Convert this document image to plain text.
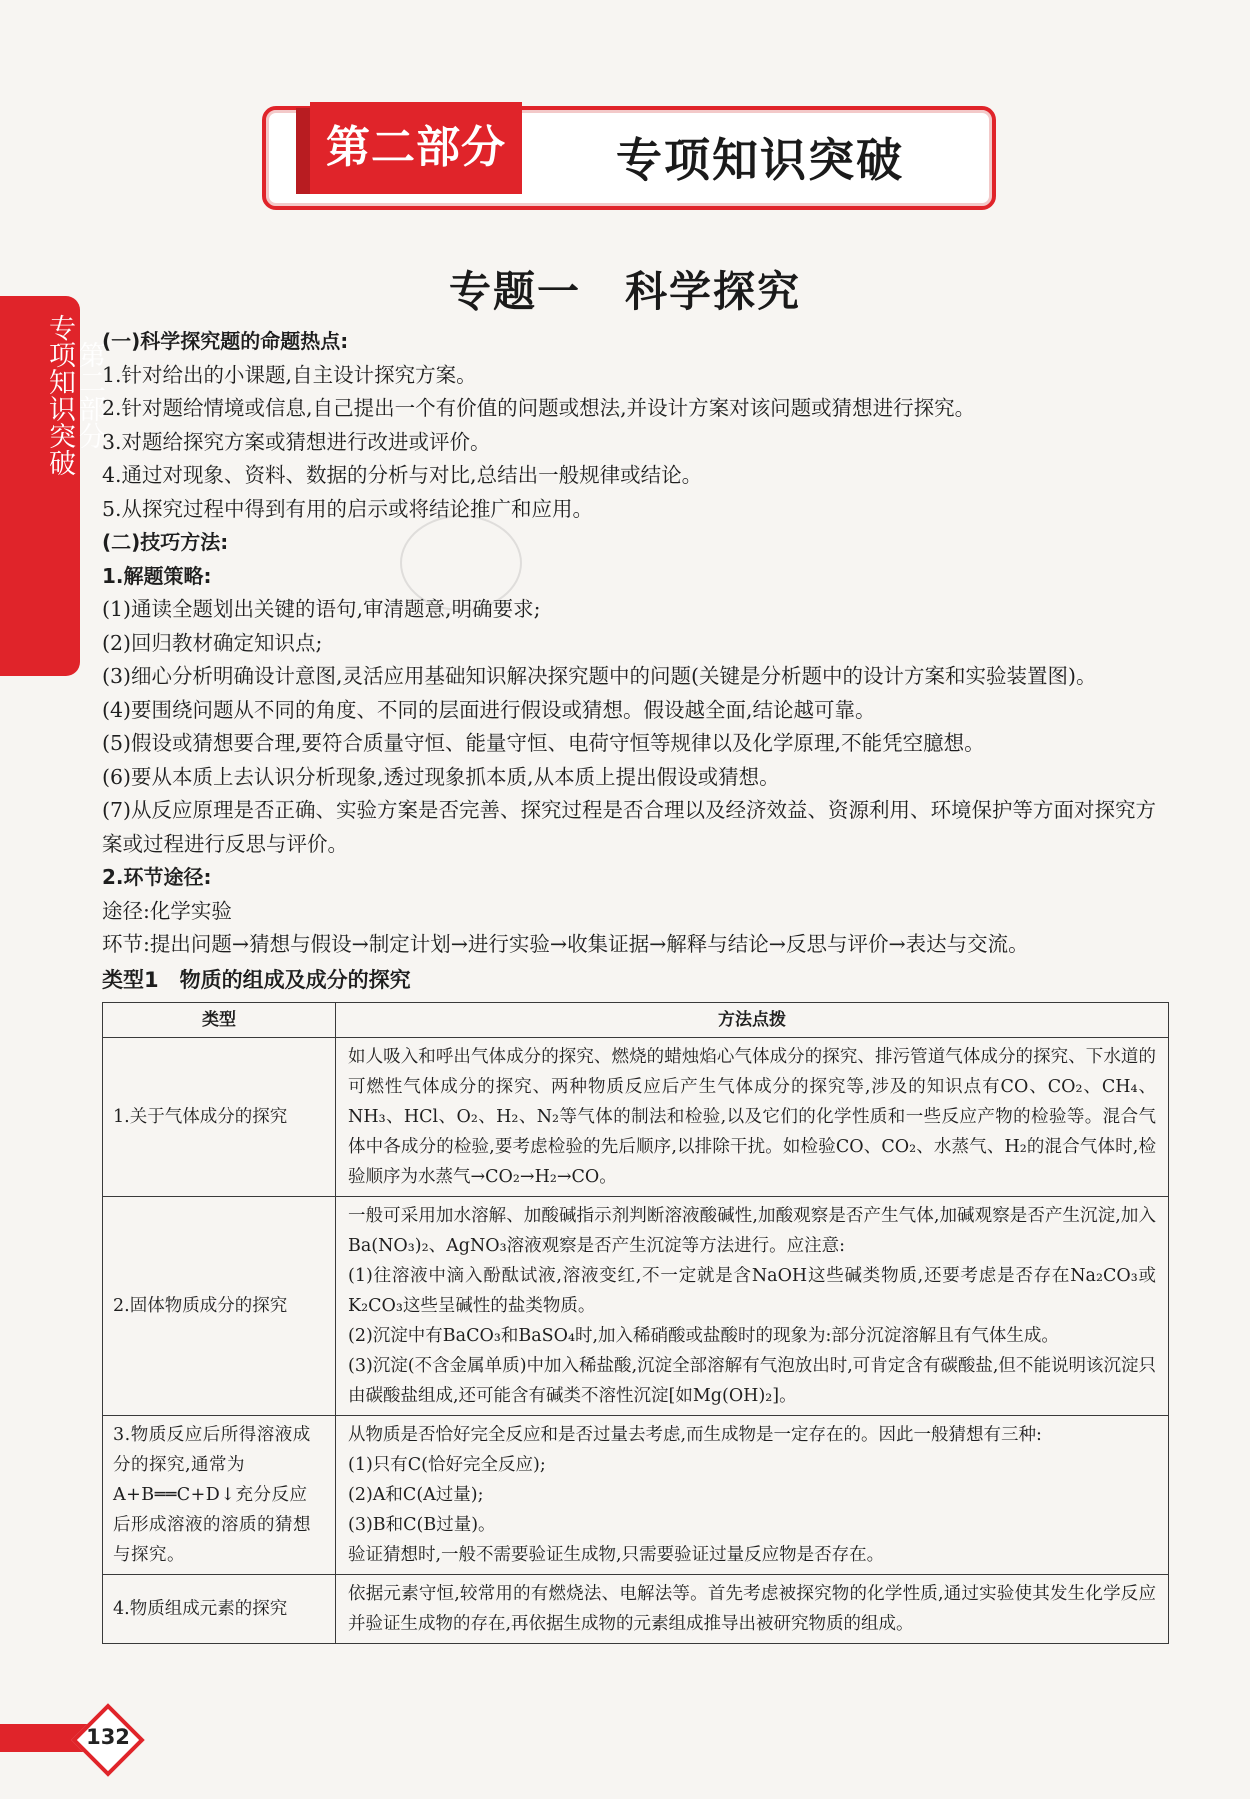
第二部分	专项知识突破
第二部分
专项知识突破
专题一　科学探究

(一)科学探究题的命题热点:

1.针对给出的小课题,自主设计探究方案。

2.针对题给情境或信息,自己提出一个有价值的问题或想法,并设计方案对该问题或猜想进行探究。

3.对题给探究方案或猜想进行改进或评价。

4.通过对现象、资料、数据的分析与对比,总结出一般规律或结论。

5.从探究过程中得到有用的启示或将结论推广和应用。

(二)技巧方法:

1.解题策略:

(1)通读全题划出关键的语句,审清题意,明确要求;

(2)回归教材确定知识点;

(3)细心分析明确设计意图,灵活应用基础知识解决探究题中的问题(关键是分析题中的设计方案和实验装置图)。

(4)要围绕问题从不同的角度、不同的层面进行假设或猜想。假设越全面,结论越可靠。

(5)假设或猜想要合理,要符合质量守恒、能量守恒、电荷守恒等规律以及化学原理,不能凭空臆想。

(6)要从本质上去认识分析现象,透过现象抓本质,从本质上提出假设或猜想。

(7)从反应原理是否正确、实验方案是否完善、探究过程是否合理以及经济效益、资源利用、环境保护等方面对探究方案或过程进行反思与评价。

2.环节途径:

途径:化学实验

环节:提出问题→猜想与假设→制定计划→进行实验→收集证据→解释与结论→反思与评价→表达与交流。

类型1　物质的组成及成分的探究

类型	方法点拨
1.关于气体成分的探究	如人吸入和呼出气体成分的探究、燃烧的蜡烛焰心气体成分的探究、排污管道气体成分的探究、下水道的可燃性气体成分的探究、两种物质反应后产生气体成分的探究等,涉及的知识点有CO、CO₂、CH₄、NH₃、HCl、O₂、H₂、N₂等气体的制法和检验,以及它们的化学性质和一些反应产物的检验等。混合气体中各成分的检验,要考虑检验的先后顺序,以排除干扰。如检验CO、CO₂、水蒸气、H₂的混合气体时,检验顺序为水蒸气→CO₂→H₂→CO。
2.固体物质成分的探究	一般可采用加水溶解、加酸碱指示剂判断溶液酸碱性,加酸观察是否产生气体,加碱观察是否产生沉淀,加入Ba(NO₃)₂、AgNO₃溶液观察是否产生沉淀等方法进行。应注意:
(1)往溶液中滴入酚酞试液,溶液变红,不一定就是含NaOH这些碱类物质,还要考虑是否存在Na₂CO₃或K₂CO₃这些呈碱性的盐类物质。
(2)沉淀中有BaCO₃和BaSO₄时,加入稀硝酸或盐酸时的现象为:部分沉淀溶解且有气体生成。
(3)沉淀(不含金属单质)中加入稀盐酸,沉淀全部溶解有气泡放出时,可肯定含有碳酸盐,但不能说明该沉淀只由碳酸盐组成,还可能含有碱类不溶性沉淀[如Mg(OH)₂]。

3.物质反应后所得溶液成分的探究,通常为A+B══C+D↓充分反应后形成溶液的溶质的猜想与探究。	从物质是否恰好完全反应和是否过量去考虑,而生成物是一定存在的。因此一般猜想有三种:
(1)只有C(恰好完全反应);
(2)A和C(A过量);
(3)B和C(B过量)。
验证猜想时,一般不需要验证生成物,只需要验证过量反应物是否存在。

4.物质组成元素的探究	依据元素守恒,较常用的有燃烧法、电解法等。首先考虑被探究物的化学性质,通过实验使其发生化学反应并验证生成物的存在,再依据生成物的元素组成推导出被研究物质的组成。
132
